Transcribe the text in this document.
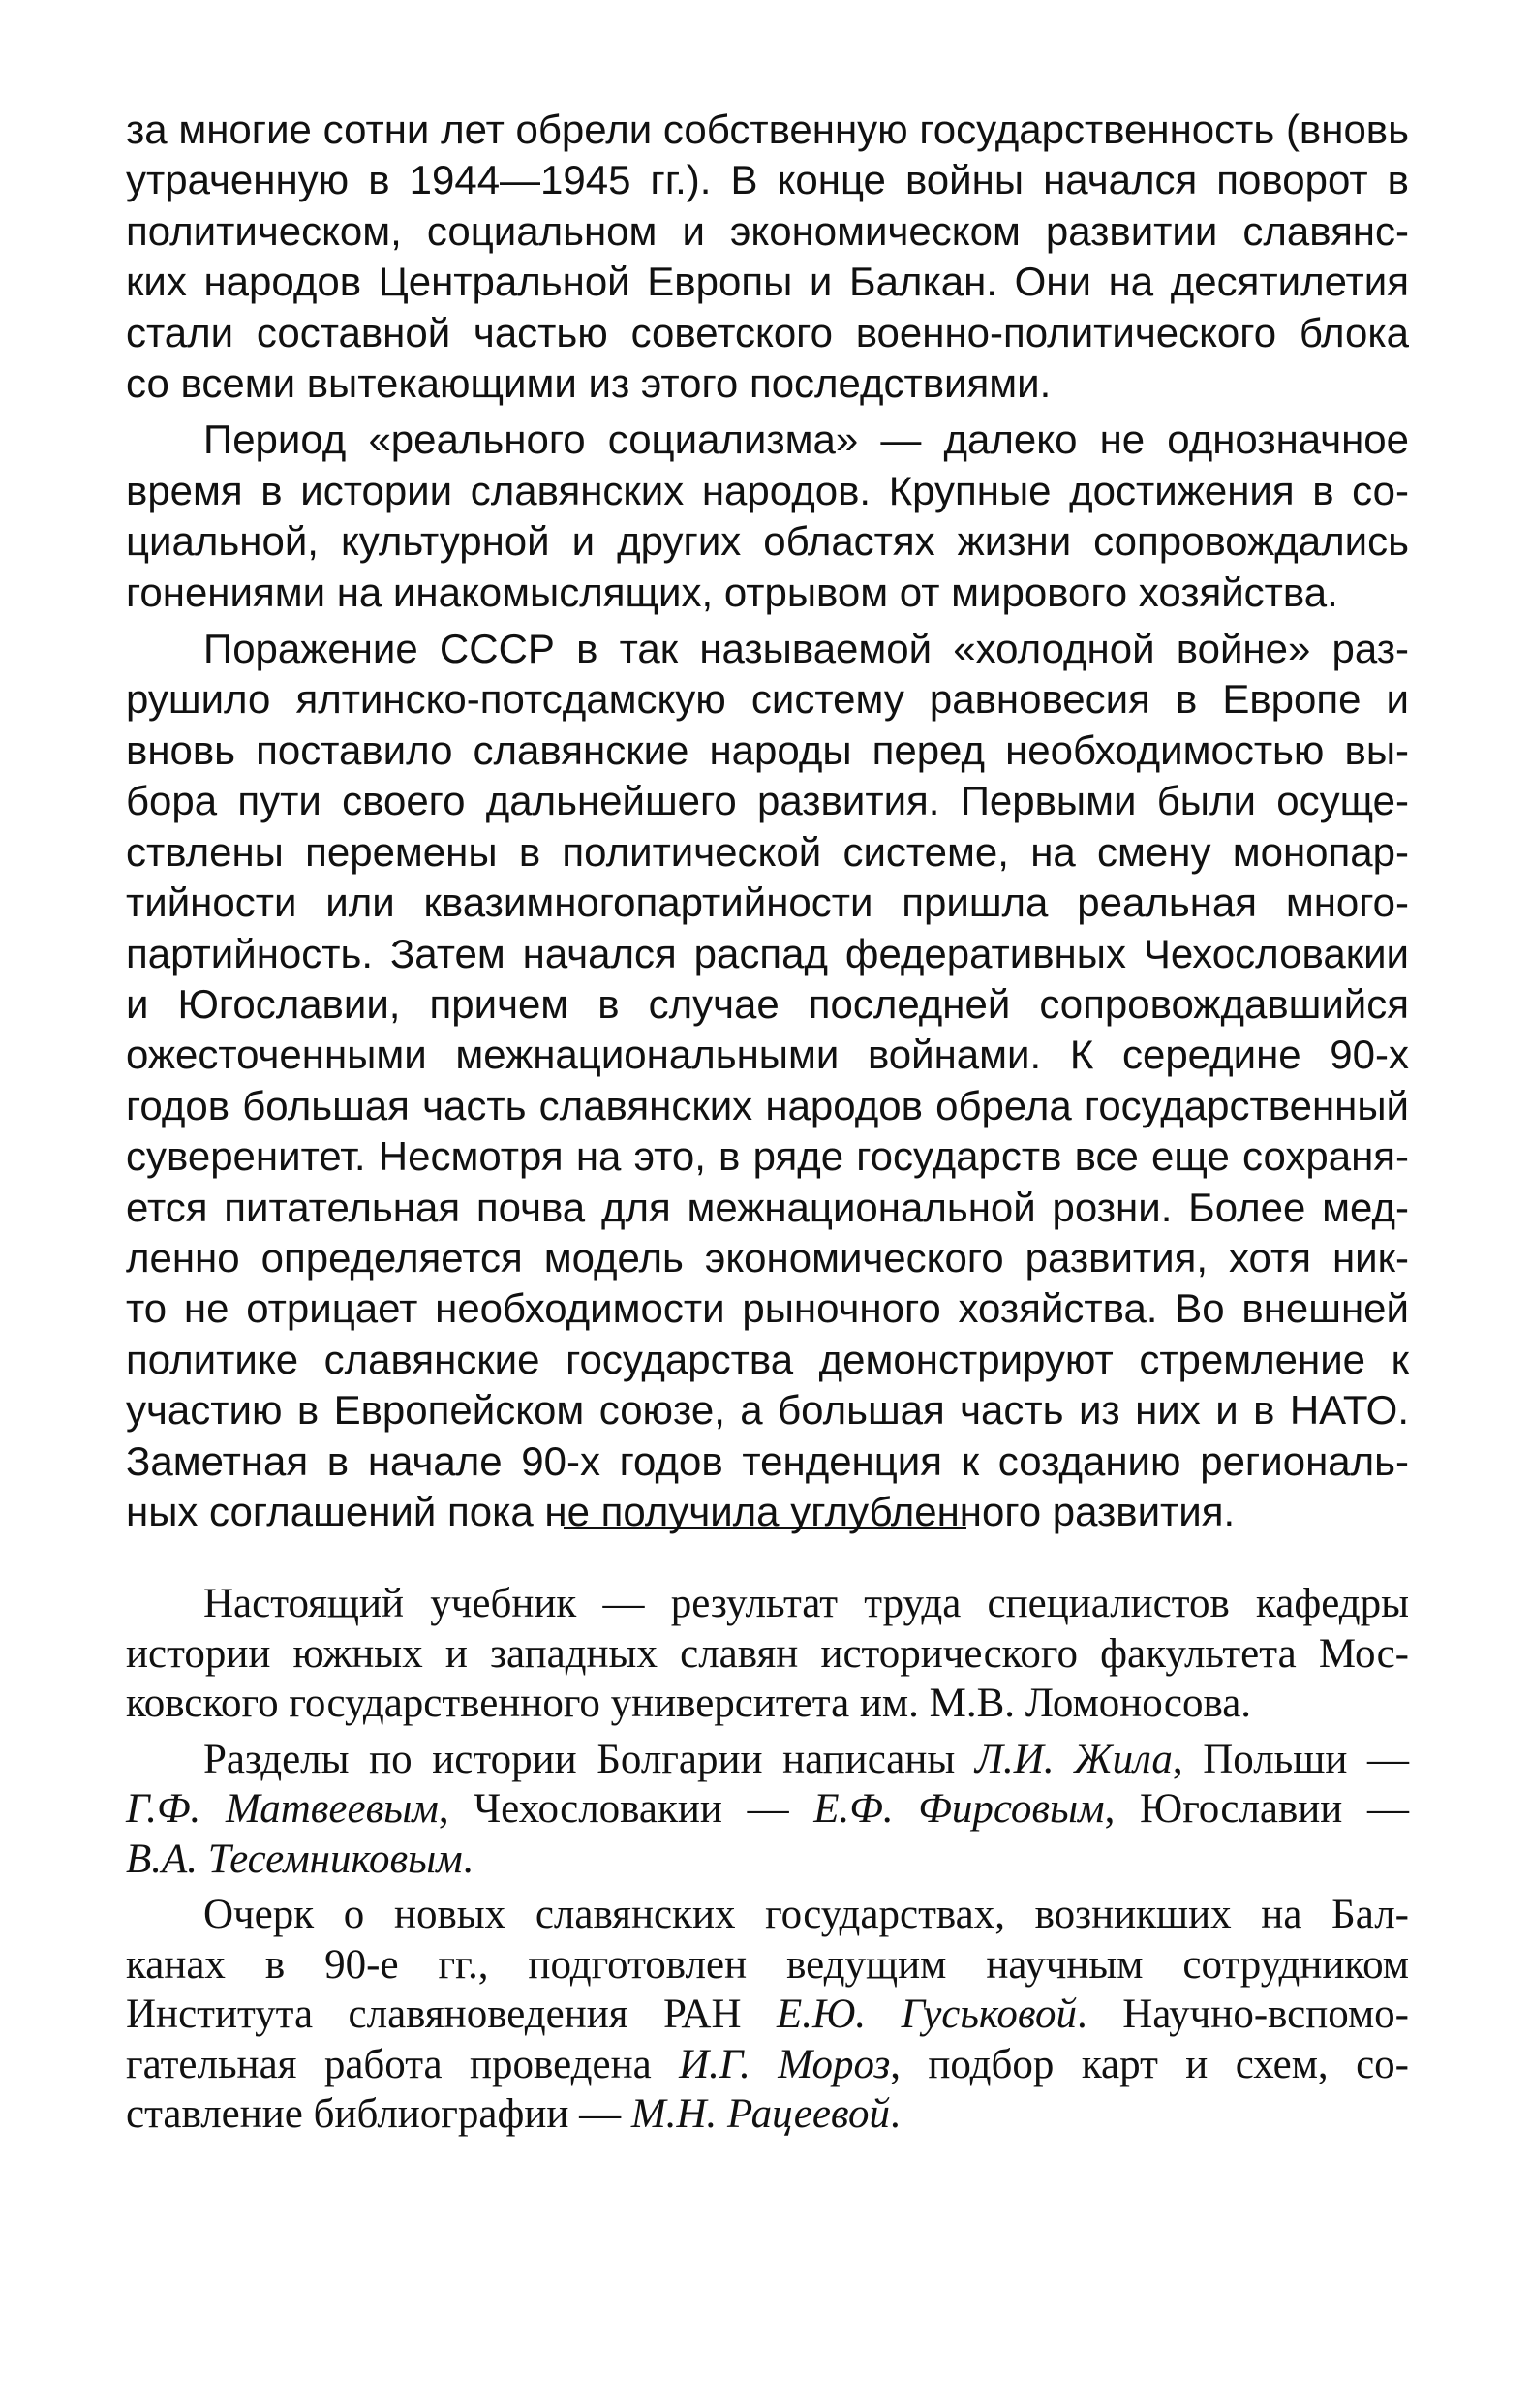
за многие сотни лет обрели собственную государственность (вновь
утраченную в 1944—1945 гг.). В конце войны начался поворот в
политическом, социальном и экономическом развитии славянс-
ких народов Центральной Европы и Балкан. Они на десятилетия
стали составной частью советского военно-политического блока
со всеми вытекающими из этого последствиями.

Период «реального социализма» — далеко не однозначное
время в истории славянских народов. Крупные достижения в со-
циальной, культурной и других областях жизни сопровождались
гонениями на инакомыслящих, отрывом от мирового хозяйства.

Поражение СССР в так называемой «холодной войне» раз-
рушило ялтинско-потсдамскую систему равновесия в Европе и
вновь поставило славянские народы перед необходимостью вы-
бора пути своего дальнейшего развития. Первыми были осуще-
ствлены перемены в политической системе, на смену монопар-
тийности или квазимногопартийности пришла реальная много-
партийность. Затем начался распад федеративных Чехословакии
и Югославии, причем в случае последней сопровождавшийся
ожесточенными межнациональными войнами. К середине 90-х
годов большая часть славянских народов обрела государственный
суверенитет. Несмотря на это, в ряде государств все еще сохраня-
ется питательная почва для межнациональной розни. Более мед-
ленно определяется модель экономического развития, хотя ник-
то не отрицает необходимости рыночного хозяйства. Во внешней
политике славянские государства демонстрируют стремление к
участию в Европейском союзе, а большая часть из них и в НАТО.
Заметная в начале 90-х годов тенденция к созданию региональ-
ных соглашений пока не получила углубленного развития.

Настоящий учебник — результат труда специалистов кафедры
истории южных и западных славян исторического факультета Мос-
ковского государственного университета им. М.В. Ломоносова.

Разделы по истории Болгарии написаны Л.И. Жила, Польши —
Г.Ф. Матвеевым, Чехословакии — Е.Ф. Фирсовым, Югославии —
В.А. Тесемниковым.

Очерк о новых славянских государствах, возникших на Бал-
канах в 90-е гг., подготовлен ведущим научным сотрудником
Института славяноведения РАН Е.Ю. Гуськовой. Научно-вспомо-
гательная работа проведена И.Г. Мороз, подбор карт и схем, со-
ставление библиографии — М.Н. Рацеевой.
